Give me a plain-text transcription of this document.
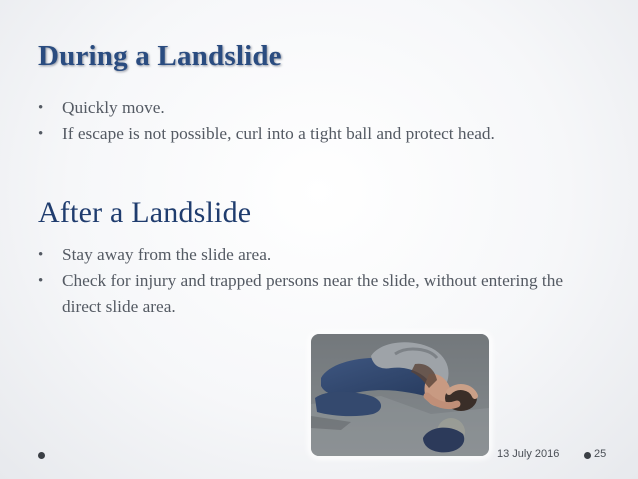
During a Landslide
• Quickly move.
• If escape is not possible, curl into a tight ball and protect head.
After a Landslide
• Stay away from the slide area.
• Check for injury and trapped persons near the slide, without entering the direct slide area.
13 July 2016	25
